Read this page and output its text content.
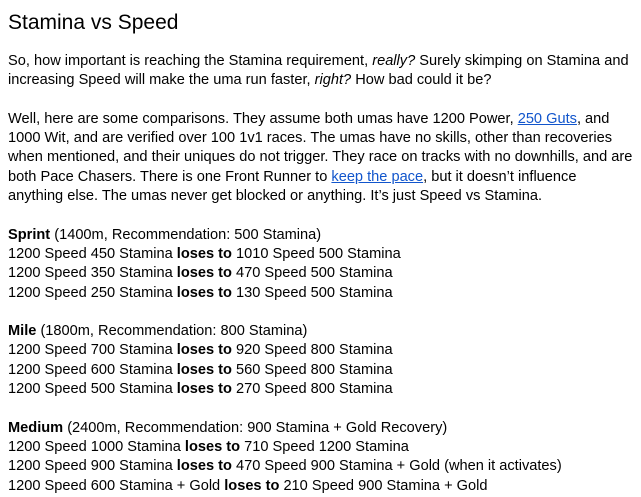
Stamina vs Speed

So, how important is reaching the Stamina requirement, really? Surely skimping on Stamina and increasing Speed will make the uma run faster, right? How bad could it be?

Well, here are some comparisons. They assume both umas have 1200 Power, 250 Guts, and 1000 Wit, and are verified over 100 1v1 races. The umas have no skills, other than recoveries when mentioned, and their uniques do not trigger. They race on tracks with no downhills, and are both Pace Chasers. There is one Front Runner to keep the pace, but it doesn’t influence anything else. The umas never get blocked or anything. It’s just Speed vs Stamina.

Sprint (1400m, Recommendation: 500 Stamina)
1200 Speed 450 Stamina loses to 1010 Speed 500 Stamina
1200 Speed 350 Stamina loses to 470 Speed 500 Stamina
1200 Speed 250 Stamina loses to 130 Speed 500 Stamina
Mile (1800m, Recommendation: 800 Stamina)
1200 Speed 700 Stamina loses to 920 Speed 800 Stamina
1200 Speed 600 Stamina loses to 560 Speed 800 Stamina
1200 Speed 500 Stamina loses to 270 Speed 800 Stamina
Medium (2400m, Recommendation: 900 Stamina + Gold Recovery)
1200 Speed 1000 Stamina loses to 710 Speed 1200 Stamina
1200 Speed 900 Stamina loses to 470 Speed 900 Stamina + Gold (when it activates)
1200 Speed 600 Stamina + Gold loses to 210 Speed 900 Stamina + Gold
